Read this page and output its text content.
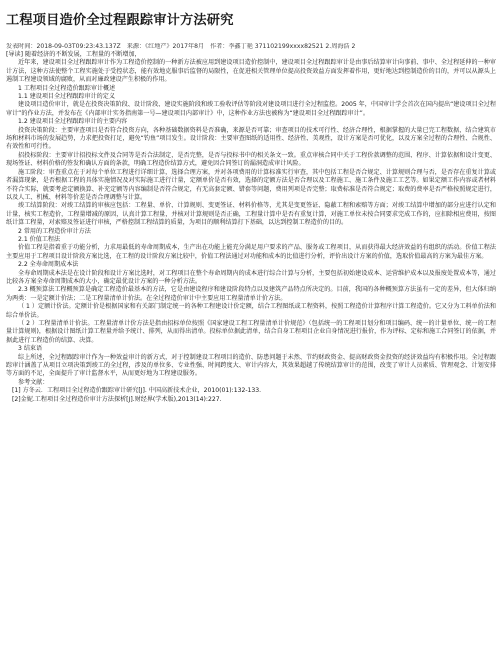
工程项目造价全过程跟踪审计方法研究
发表时间：2018-09-03T09:23:43.137Z　来源：《红地产》2017年8月　作者：李鑫丁艳 371102199xxxx82521 2.周海浩 2

[导读] 随着经济的不断发展，工程量的不断增加，

近年来，建设项目全过程跟踪审计作为工程造价控制的一种新方法被应用到建设项目造价控制中，建设项目全过程跟踪审计是由事后结算审计向事前、事中、全过程延伸的一种审计方法，这种方法使整个工程实施处于受控状态，能有效地克服事后监督的局限性，在促进相关管理单位提高投资效益方面发挥着作用，更好地达到控制造价的目的，并可以从源头上遏制工程建设领域的腐败，从而对廉政建设产生积极的作用。

1 工程项目全过程造价跟踪审计概述

1.1 建设项目全过程跟踪审计的定义

建设项目造价审计，就是在投资决策阶段、设计阶段、建设实施阶段和竣工验收评估等阶段对建设项目进行全过程监控。2005 年，中国审计学会首次在国内提出“建设项目全过程审计”的作业方法，并发布在《内部审计实务指南第一号—建设项目内部审计》中，这种作业方法也被称为“建设项目全过程跟踪审计”。

1.2 建设项目全过程跟踪审计的主要内容

投资决策阶段：主要审查项目是否符合投资方向，各种基础数据资料是否准确，来源是否可靠；审查项目的技术可行性、经济合理性，根据掌握的大量已完工程数据，结合建筑市场和材料市场的发展趋势，力求把投资打足，避免“钓鱼”项目发生。设计阶段：主要审查图纸的适用性、经济性、美观性，设计方案是否可优化，以及方案全过程的合理性、合规性、有效性和可行性。

招投标阶段：主要审计招投标文件及合同等是否合法制定，是否完整，是否与投标书中的相关条文一致。重点审核合同中关于工程价款调整的范围、程序、计算依据和设计变更、现场签证、材料价格的签发和确认方面的条款，明确工程造价结算方式，避免因合同签订的漏洞造成审计风险。

施工阶段：审查重点在于对每个单位工程进行详细计算，选择合理方案，并对各项费用的计算标准实行审查，其中包括工程是否合规定、计算规则合理与否，是否存在重复计算或者漏算现象，是否根据工程的具体实施情况及对实际施工进行计量，定额单价是否有效，选择的定额方法是否合理以及工程施工、施工条件及施工工艺等。如果定额工作内容或者材料不符合实际，就要考虑定额换算、补充定额等内容编制是否符合规定，有无高套定额、错套等问题，费用列项是否完整；取费标准是否符合规定；取费的费率是否严格按照规定进行，以及人工、机械、材料等价差是否合理调整与计算。

竣工结算阶段：对竣工结算的审核应包括：工程量、单价、计算规则、变更签证、材料价格等，尤其是变更签证、隐蔽工程和索赔等方面；对竣工结算中增加的部分应进行认定和计量，核实工程造价，工程量增减的原因，认真计算工程量，并核对计算规则是否正确，工程量计算中是否有重复计算，对施工单位未按合同要求完成工作的，应扣除相应费用，按图纸计算工程量，对索赔及签证进行审核，严格控制工程结算的质量，为项目的顺利结算打下基础，以达到控制工程造价的目的。

2 常用的工程造价审计方法

2.1 价值工程法

价值工程是指着重于功能分析，力求用最低的寿命周期成本，生产出在功能上能充分满足用户要求的产品、服务或工程项目，从而获得最大经济效益的有组织的活动。价值工程法主要应用于工程项目设计阶段方案比选，在工程的设计阶段方案比较中，价值工程法通过对功能和成本的比值进行分析，评价出设计方案的价值，选取价值最高的方案为最佳方案。

2.2 全寿命周期成本法

全寿命周期成本法是在设计阶段和设计方案比选时，对工程项目在整个寿命周期内的成本进行综合计算与分析，主要包括初始建设成本、运营维护成本以及报废处置成本等，通过比较各方案全寿命周期成本的大小，确定最优设计方案的一种分析方法。

2.3 概预算法工程概预算是确定工程造价最基本的方法，它是由建设程序和建设阶段特点以及建筑产品特点所决定的。目前，我国的各种概预算方法虽有一定的差异，但大体归纳为两类：一是定额计价法；二是工程量清单计价法。在全过程造价审计中主要应用工程量清单计价方法。

（ 1 ）定额计价法。定额计价是根据国家和有关部门制定统一的各种工程建设计价定额，结合工程图纸或工程资料，按照工程造价计算程序计算工程造价。它又分为工料单价法和综合单价法。

（ 2 ）工程量清单计价法。工程量清单计价方法是指由招标单位按照《国家建设工程工程量清单计价规范》（包括统一的工程项目划分和项目编码、统一的计量单位、统一的工程量计算规则)，根据设计图纸计算工程量并给予统计、排列，从而得出清单。投标单位据此清单，结合自身工程项目企业自身情况进行报价，作为评标、定标和施工合同签订的依据，并据此进行工程造价的结算、决算。

3 结束语

综上所述，全过程跟踪审计作为一种效益审计的新方式，对于控制建设工程项目的造价、防患问题于未然、节约财政资金、提高财政资金投资的经济效益均有积极作用。全过程跟踪审计涵盖了从项目立项决策到竣工的全过程，涉及的单位多、专业性强、时间跨度大、审计内容大，其效果超越了传统结算审计的范围，改变了审计人员素质、管理观念、计划安排等方面的不足，全面提升了审计监督水平，从而更好地为工程建设服务。

参考文献：

[1] 方冬云．工程项目全过程造价跟踪审计研究[J]. 中国高新技术企业，2010(01):132-133.

[2]金妮.工程项目全过程造价审计方法探析[J].财经界(学术版),2013(14):227.
